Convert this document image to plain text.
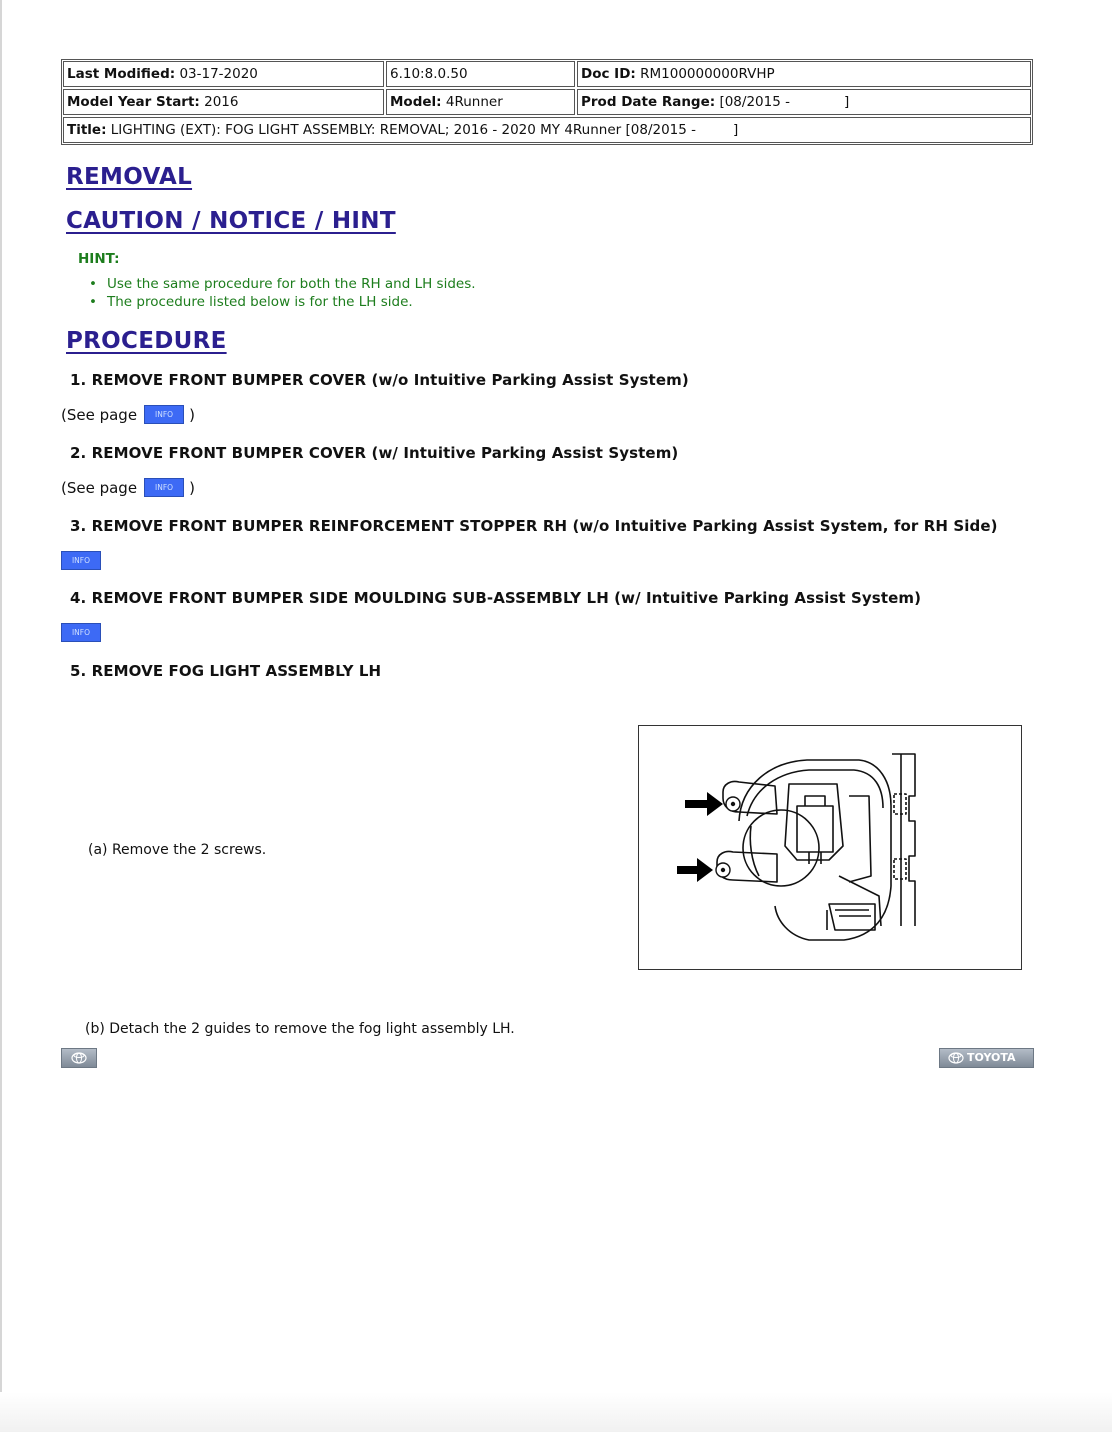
Last Modified: 03-17-2020	6.10:8.0.50	Doc ID: RM100000000RVHP
Model Year Start: 2016	Model: 4Runner	Prod Date Range: [08/2015 -	]
Title: LIGHTING (EXT): FOG LIGHT ASSEMBLY: REMOVAL; 2016 - 2020 MY 4Runner [08/2015 -	]
REMOVAL
CAUTION / NOTICE / HINT
HINT:
• Use the same procedure for both the RH and LH sides.
• The procedure listed below is for the LH side.
PROCEDURE
1. REMOVE FRONT BUMPER COVER (w/o Intuitive Parking Assist System)
(See page	INFO	)
2. REMOVE FRONT BUMPER COVER (w/ Intuitive Parking Assist System)
(See page	INFO	)
3. REMOVE FRONT BUMPER REINFORCEMENT STOPPER RH (w/o Intuitive Parking Assist System, for RH Side)
INFO
4. REMOVE FRONT BUMPER SIDE MOULDING SUB-ASSEMBLY LH (w/ Intuitive Parking Assist System)
INFO
5. REMOVE FOG LIGHT ASSEMBLY LH
(a) Remove the 2 screws.
(b) Detach the 2 guides to remove the fog light assembly LH.
TOYOTA
